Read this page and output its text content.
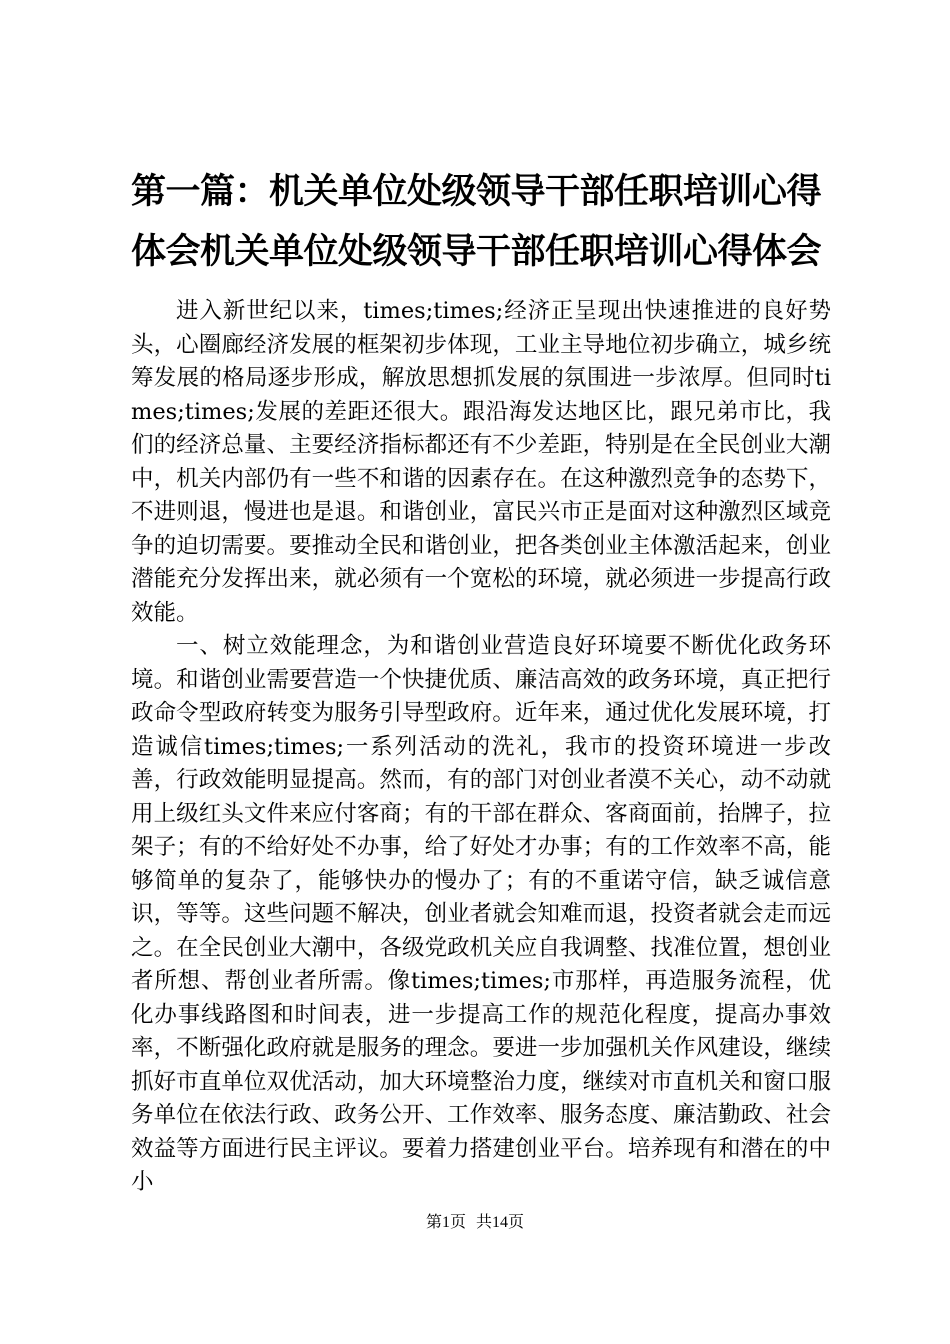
第一篇：机关单位处级领导干部任职培训心得体会机关单位处级领导干部任职培训心得体会

进入新世纪以来，times;times;经济正呈现出快速推进的良好势头，心圈廊经济发展的框架初步体现，工业主导地位初步确立，城乡统筹发展的格局逐步形成，解放思想抓发展的氛围进一步浓厚。但同时times;times;发展的差距还很大。跟沿海发达地区比，跟兄弟市比，我们的经济总量、主要经济指标都还有不少差距，特别是在全民创业大潮中，机关内部仍有一些不和谐的因素存在。在这种激烈竞争的态势下，不进则退，慢进也是退。和谐创业，富民兴市正是面对这种激烈区域竞争的迫切需要。要推动全民和谐创业，把各类创业主体激活起来，创业潜能充分发挥出来，就必须有一个宽松的环境，就必须进一步提高行政效能。

一、树立效能理念，为和谐创业营造良好环境要不断优化政务环境。和谐创业需要营造一个快捷优质、廉洁高效的政务环境，真正把行政命令型政府转变为服务引导型政府。近年来，通过优化发展环境，打造诚信times;times;一系列活动的洗礼，我市的投资环境进一步改善，行政效能明显提高。然而，有的部门对创业者漠不关心，动不动就用上级红头文件来应付客商；有的干部在群众、客商面前，抬牌子，拉架子；有的不给好处不办事，给了好处才办事；有的工作效率不高，能够简单的复杂了，能够快办的慢办了；有的不重诺守信，缺乏诚信意识，等等。这些问题不解决，创业者就会知难而退，投资者就会走而远之。在全民创业大潮中，各级党政机关应自我调整、找准位置，想创业者所想、帮创业者所需。像times;times;市那样，再造服务流程，优化办事线路图和时间表，进一步提高工作的规范化程度，提高办事效率，不断强化政府就是服务的理念。要进一步加强机关作风建设，继续抓好市直单位双优活动，加大环境整治力度，继续对市直机关和窗口服务单位在依法行政、政务公开、工作效率、服务态度、廉洁勤政、社会效益等方面进行民主评议。要着力搭建创业平台。培养现有和潜在的中小

第1页 共14页
